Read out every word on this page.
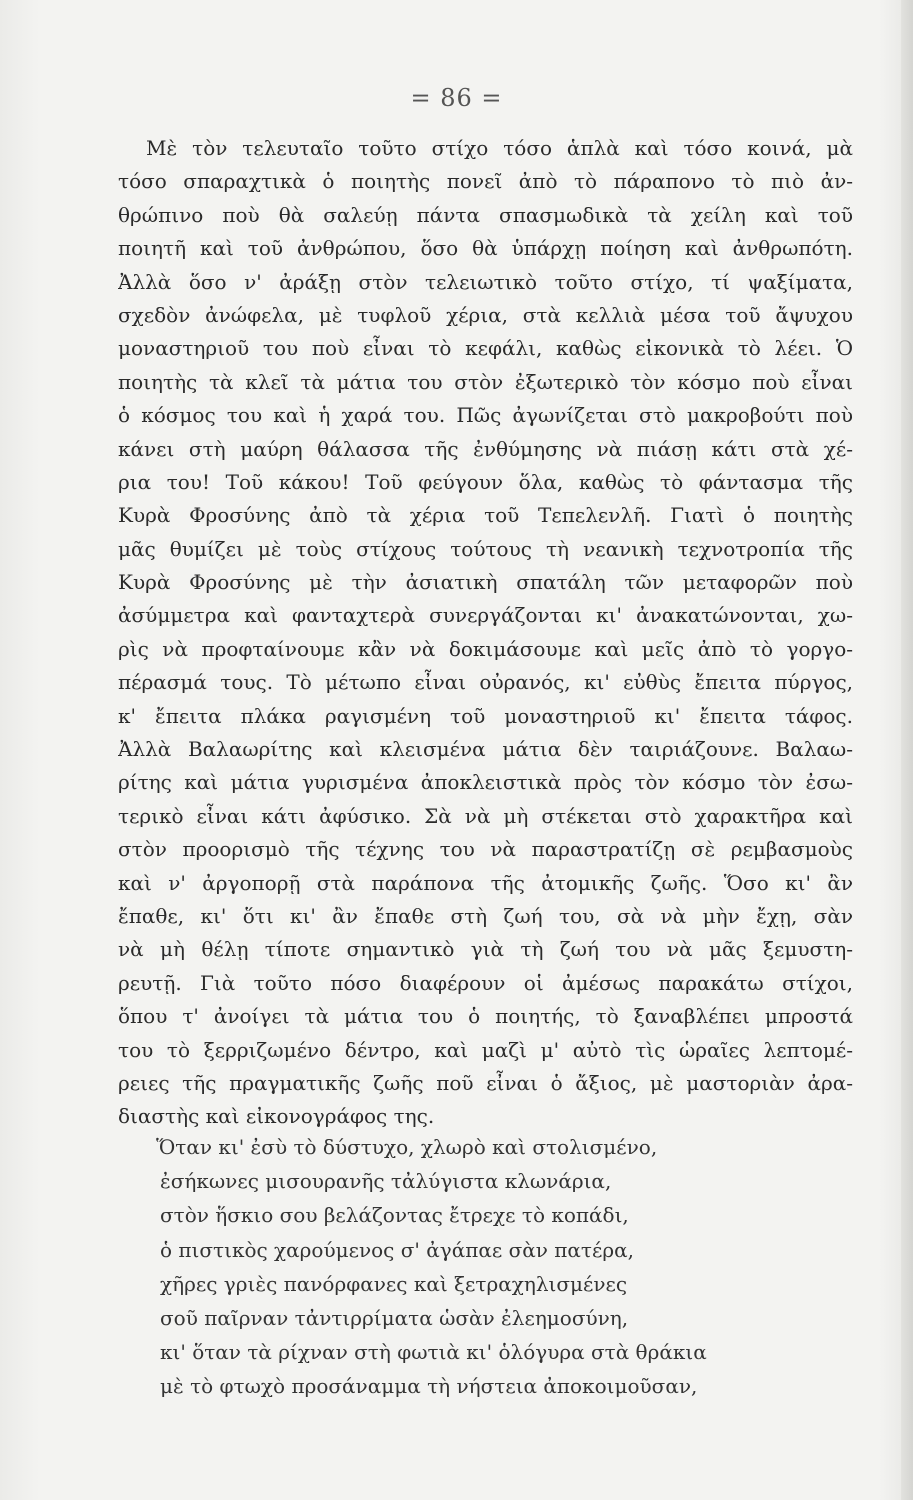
= 86 =
Μὲ τὸν τελευταῖο τοῦτο στίχο τόσο ἁπλὰ καὶ τόσο κοινά, μὰ
τόσο σπαραχτικὰ ὁ ποιητὴς πονεῖ ἀπὸ τὸ πάραπονο τὸ πιὸ ἀν-
θρώπινο ποὺ θὰ σαλεύῃ πάντα σπασμωδικὰ τὰ χείλη καὶ τοῦ
ποιητῆ καὶ τοῦ ἀνθρώπου, ὅσο θὰ ὑπάρχῃ ποίηση καὶ ἀνθρωπότη.
Ἀλλὰ ὅσο ν' ἀράξῃ στὸν τελειωτικὸ τοῦτο στίχο, τί ψαξίματα,
σχεδὸν ἀνώφελα, μὲ τυφλοῦ χέρια, στὰ κελλιὰ μέσα τοῦ ἄψυχου
μοναστηριοῦ του ποὺ εἶναι τὸ κεφάλι, καθὼς εἰκονικὰ τὸ λέει. Ὁ
ποιητὴς τὰ κλεῖ τὰ μάτια του στὸν ἐξωτερικὸ τὸν κόσμο ποὺ εἶναι
ὁ κόσμος του καὶ ἡ χαρά του. Πῶς ἀγωνίζεται στὸ μακροβούτι ποὺ
κάνει στὴ μαύρη θάλασσα τῆς ἐνθύμησης νὰ πιάσῃ κάτι στὰ χέ-
ρια του! Τοῦ κάκου! Τοῦ φεύγουν ὅλα, καθὼς τὸ φάντασμα τῆς
Κυρὰ Φροσύνης ἀπὸ τὰ χέρια τοῦ Τεπελενλῆ. Γιατὶ ὁ ποιητὴς
μᾶς θυμίζει μὲ τοὺς στίχους τούτους τὴ νεανικὴ τεχνοτροπία τῆς
Κυρὰ Φροσύνης μὲ τὴν ἀσιατικὴ σπατάλη τῶν μεταφορῶν ποὺ
ἀσύμμετρα καὶ φανταχτερὰ συνεργάζονται κι' ἀνακατώνονται, χω-
ρὶς νὰ προφταίνουμε κἂν νὰ δοκιμάσουμε καὶ μεῖς ἀπὸ τὸ γοργο-
πέρασμά τους. Τὸ μέτωπο εἶναι οὐρανός, κι' εὐθὺς ἔπειτα πύργος,
κ' ἔπειτα πλάκα ραγισμένη τοῦ μοναστηριοῦ κι' ἔπειτα τάφος.
Ἀλλὰ Βαλαωρίτης καὶ κλεισμένα μάτια δὲν ταιριάζουνε. Βαλαω-
ρίτης καὶ μάτια γυρισμένα ἀποκλειστικὰ πρὸς τὸν κόσμο τὸν ἐσω-
τερικὸ εἶναι κάτι ἀφύσικο. Σὰ νὰ μὴ στέκεται στὸ χαρακτῆρα καὶ
στὸν προορισμὸ τῆς τέχνης του νὰ παραστρατίζῃ σὲ ρεμβασμοὺς
καὶ ν' ἀργοπορῇ στὰ παράπονα τῆς ἀτομικῆς ζωῆς. Ὅσο κι' ἂν
ἔπαθε, κι' ὅτι κι' ἂν ἔπαθε στὴ ζωή του, σὰ νὰ μὴν ἔχῃ, σὰν
νὰ μὴ θέλῃ τίποτε σημαντικὸ γιὰ τὴ ζωή του νὰ μᾶς ξεμυστη-
ρευτῇ. Γιὰ τοῦτο πόσο διαφέρουν οἱ ἀμέσως παρακάτω στίχοι,
ὅπου τ' ἀνοίγει τὰ μάτια του ὁ ποιητής, τὸ ξαναβλέπει μπροστά
του τὸ ξερριζωμένο δέντρο, καὶ μαζὶ μ' αὐτὸ τὶς ὡραῖες λεπτομέ-
ρειες τῆς πραγματικῆς ζωῆς ποῦ εἶναι ὁ ἄξιος, μὲ μαστοριὰν ἀρα-
διαστὴς καὶ εἰκονογράφος της.
Ὅταν κι' ἐσὺ τὸ δύστυχο, χλωρὸ καὶ στολισμένο,
ἐσήκωνες μισουρανῆς τἀλύγιστα κλωνάρια,
στὸν ἥσκιο σου βελάζοντας ἔτρεχε τὸ κοπάδι,
ὁ πιστικὸς χαρούμενος σ' ἀγάπαε σὰν πατέρα,
χῆρες γριὲς πανόρφανες καὶ ξετραχηλισμένες
σοῦ παῖρναν τἀντιρρίματα ὡσὰν ἐλεημοσύνη,
κι' ὅταν τὰ ρίχναν στὴ φωτιὰ κι' ὁλόγυρα στὰ θράκια
μὲ τὸ φτωχὸ προσάναμμα τὴ νήστεια ἀποκοιμοῦσαν,
